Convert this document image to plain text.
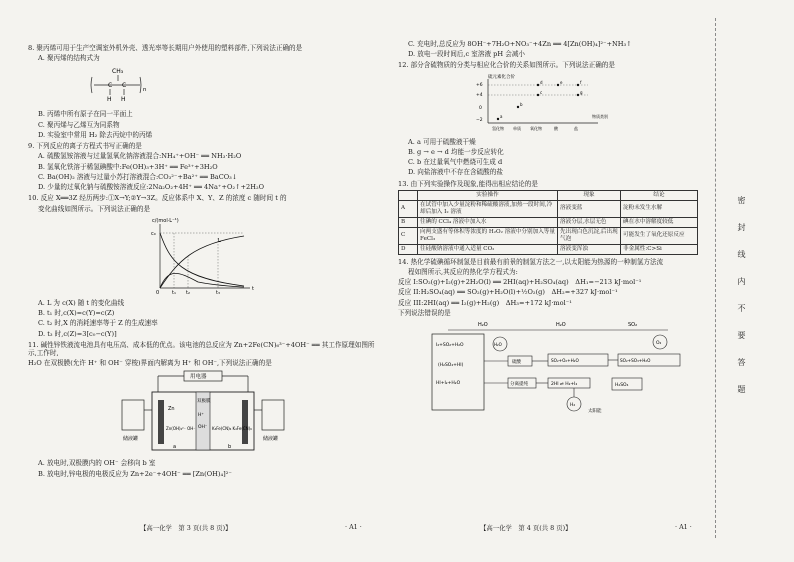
8. 聚丙烯可用于生产空调室外机外壳、透光率等长期用户外使用的塑料部件,下列说法正确的是

A. 聚丙烯的结构式为

CH₃
C C
H H
n

B. 丙烯中所有原子在同一平面上

C. 聚丙烯与乙烯互为同系物

D. 实验室中常用 H₂ 除去丙烷中的丙烯

9. 下列反应的离子方程式书写正确的是

A. 硫酸氢铵溶液与过量氢氧化钠溶液混合:NH₄⁺+OH⁻ ══ NH₃·H₂O

B. 氢氧化铁溶于稀氢碘酸中:Fe(OH)₃+3H⁺ ══ Fe³⁺+3H₂O

C. Ba(OH)₂ 溶液与过量小苏打溶液混合:CO₃²⁻+Ba²⁺ ══ BaCO₃↓

D. 少量的过氧化钠与硫酸铵溶液反应:2Na₂O₂+4H⁺ ══ 4Na⁺+O₂↑+2H₂O

10. 反应 X══3Z 经历两步:①X→Y;②Y→3Z。反应体系中 X、Y、Z 的浓度 c 随时间 t 的

变化曲线如图所示。下列说法正确的是

c/(mol·L⁻¹)
t
c₀
L
0	t₁ t₂	t₃

A. L 为 c(X) 随 t 的变化曲线

B. t₁ 时,c(X)=c(Y)=c(Z)

C. t₂ 时,X 的消耗速率等于 Z 的生成速率

D. t₃ 时,c(Z)=3[c₀−c(Y)]

11. 碱性锌铁液流电池具有电压高、成本低的优点。该电池的总反应为 Zn+2Fe(CN)₆³⁻+4OH⁻ ══ 其工作原理如图所示,工作时,

H₂O 在双极膜(允许 H⁺ 和 OH⁻ 穿梭)界面内解离为 H⁺ 和 OH⁻,下列说法正确的是

用电器
双极膜
H⁺
OH⁻
Zn
Zn(OH)₄²⁻ OH⁻	K₃Fe(CN)₆ K₄Fe(CN)₆
a	b
储液罐	储液罐

A. 放电时,双极膜内的 OH⁻ 会移向 b 室

B. 放电时,锌电极的电极反应为 Zn+2e⁻+4OH⁻ ══ [Zn(OH)₄]²⁻

【高一化学　第 3 页(共 8 页)】	· A1 ·

C. 充电时,总反应为 8OH⁻+7H₂O+NO₃⁻+4Zn ══ 4[Zn(OH)₄]²⁻+NH₃↑

D. 放电一段时间后,c 室溶液 pH 会减小

12. 部分含硫物质的分类与相应化合价的关系如图所示。下列说法正确的是

硫元素化合价
+6
+4
0
−2
a
b
c
d	e	f
g
氢化物 单质 氧化物	酸	盐
物质类别

A. a 可用于硫酸液干燥

B. g → e → d 均能一步反应转化

C. b 在过量氧气中燃烧可生成 d

D. 向盐溶液中不存在含硫酸的盐

13. 由下列实验操作及现象,能得出相应结论的是

	实验操作	现象	结论
A	在试管中加入少量淀粉和稀硫酸溶液,加热一段时间,冷却后加入 I₂ 溶液	溶液变蓝	淀粉未发生水解
B	往碘的 CCl₄ 溶液中加入水	溶液分层,水层无色	碘在水中溶解度较低
C	向两支盛有等体积等浓度的 H₂O₂ 溶液中分别加入等量 FeCl₃	先出现白色沉淀,后出现气泡	可能发生了氧化还原反应
D	往硅酸钠溶液中通入适量 CO₂	溶液变浑浊	非金属性:C>Si

14. 热化学硫碘循环制氢是目前最有前景的制氢方法之一,以太阳能为热源的一种制氢方法流

程如图所示,其反应的热化学方程式为:

反应 I:SO₂(g)+I₂(g)+2H₂O(l) ══ 2HI(aq)+H₂SO₄(aq)　ΔH₁=−213 kJ·mol⁻¹

反应 II:H₂SO₄(aq) ══ SO₂(g)+H₂O(l)+½O₂(g)　ΔH₂=+327 kJ·mol⁻¹

反应 III:2HI(aq) ══ I₂(g)+H₂(g)　ΔH₃=+172 kJ·mol⁻¹

下列说法错误的是

H₂O	H₂O	SO₂
I₂+SO₂+H₂O
(H₂SO₄+HI)
HI+I₂+H₂O
H₂O
硫酸	SO₂+O₂+H₂O	SO₂+SO₃+H₂O
O₂
分离提纯	2HI ⇌ H₂+I₂	H₂SO₄
H₂
太阳能
【高一化学　第 4 页(共 8 页)】	· A1 ·
密
封
线
内
不
要
答
题
